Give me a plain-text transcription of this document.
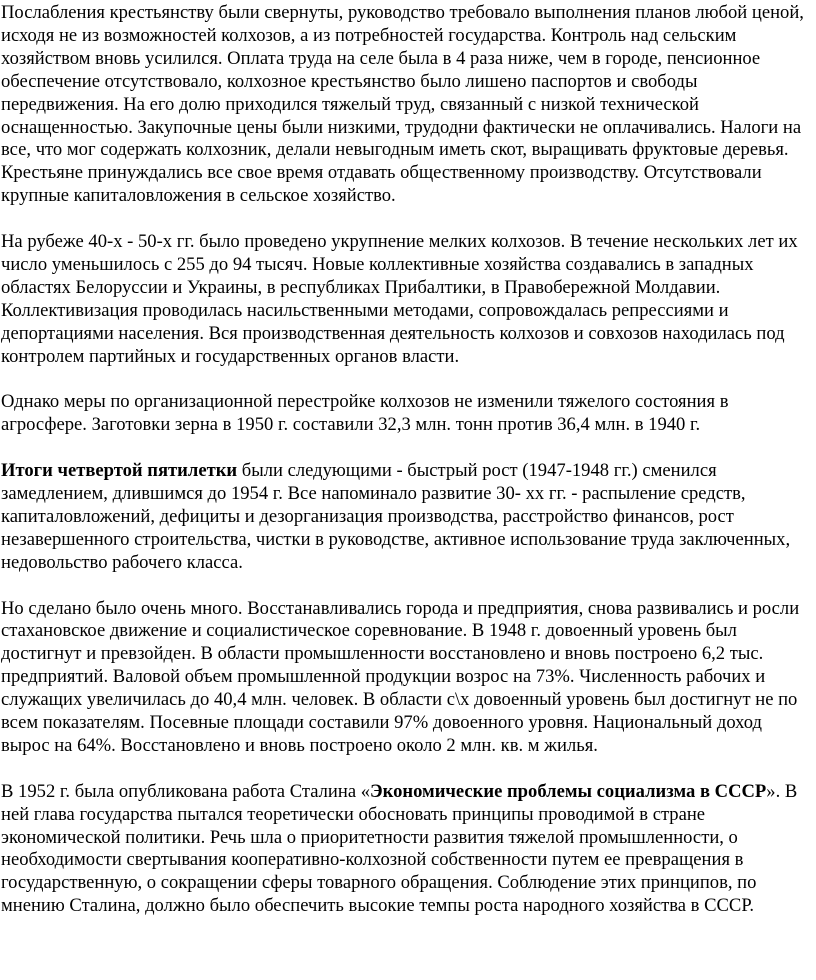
Послабления крестьянству были свернуты, руководство требовало выполнения планов любой ценой, исходя не из возможностей колхозов, а из потребностей государства. Контроль над сельским хозяйством вновь усилился. Оплата труда на селе была в 4 раза ниже, чем в городе, пенсионное обеспечение отсутствовало, колхозное крестьянство было лишено паспортов и свободы передвижения. На его долю приходился тяжелый труд, связанный с низкой технической оснащенностью. Закупочные цены были низкими, трудодни фактически не оплачивались. Налоги на все, что мог содержать колхозник, делали невыгодным иметь скот, выращивать фруктовые деревья. Крестьяне принуждались все свое время отдавать общественному производству. Отсутствовали крупные капиталовложения в сельское хозяйство.

На рубеже 40-х - 50-х гг. было проведено укрупнение мелких колхозов. В течение нескольких лет их число уменьшилось с 255 до 94 тысяч. Новые коллективные хозяйства создавались в западных областях Белоруссии и Украины, в республиках Прибалтики, в Правобережной Молдавии. Коллективизация проводилась насильственными методами, сопровождалась репрессиями и депортациями населения. Вся производственная деятельность колхозов и совхозов находилась под контролем партийных и государственных органов власти.

Однако меры по организационной перестройке колхозов не изменили тяжелого состояния в агросфере. Заготовки зерна в 1950 г. составили 32,3 млн. тонн против 36,4 млн. в 1940 г.

Итоги четвертой пятилетки были следующими - быстрый рост (1947-1948 гг.) сменился замедлением, длившимся до 1954 г. Все напоминало развитие 30- хх гг. - распыление средств, капиталовложений, дефициты и дезорганизация производства, расстройство финансов, рост незавершенного строительства, чистки в руководстве, активное использование труда заключенных, недовольство рабочего класса.

Но сделано было очень много. Восстанавливались города и предприятия, снова развивались и росли стахановское движение и социалистическое соревнование. В 1948 г. довоенный уровень был достигнут и превзойден. В области промышленности восстановлено и вновь построено 6,2 тыс. предприятий. Валовой объем промышленной продукции возрос на 73%. Численность рабочих и служащих увеличилась до 40,4 млн. человек. В области с\х довоенный уровень был достигнут не по всем показателям. Посевные площади составили 97% довоенного уровня. Национальный доход вырос на 64%. Восстановлено и вновь построено около 2 млн. кв. м жилья.

В 1952 г. была опубликована работа Сталина «Экономические проблемы социализма в СССР». В ней глава государства пытался теоретически обосновать принципы проводимой в стране экономической политики. Речь шла о приоритетности развития тяжелой промышленности, о необходимости свертывания кооперативно-колхозной собственности путем ее превращения в государственную, о сокращении сферы товарного обращения. Соблюдение этих принципов, по мнению Сталина, должно было обеспечить высокие темпы роста народного хозяйства в СССР.
